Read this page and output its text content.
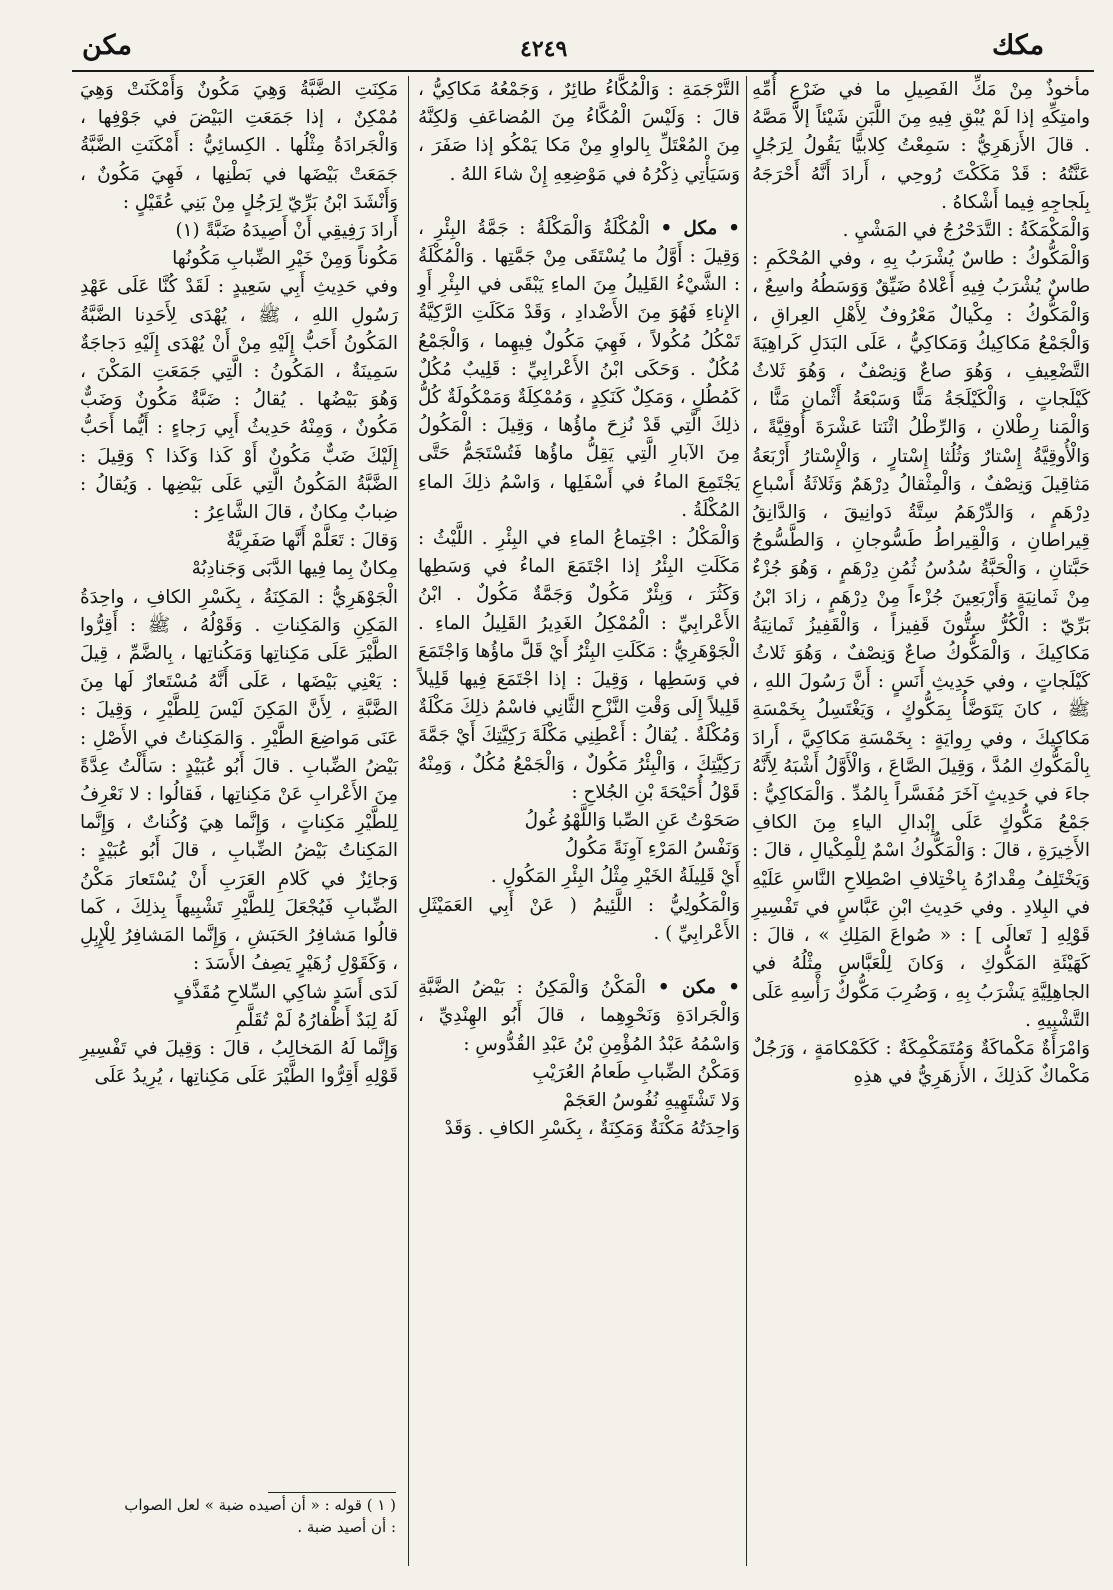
مكك
٤٢٤٩
مكن

مأخوذٌ مِنْ مَكِّ الفَصِيلِ ما في ضَرْعِ أُمِّهِ وامتِكِّهِ إذا لَمْ يُبْقِ فِيهِ مِنَ اللَّبَنِ شَيْئاً إلاَّ مَصَّهُ . قالَ الأَزهَرِيُّ : سَمِعْتُ كِلابيًّا يَقُولُ لِرَجُلٍ عَنَّتُهُ : قَدْ مَكَكْتَ رُوحِي ، أَرادَ أَنَّهُ أَحْرَجَهُ بِلَجاجِهِ فِيما أَشْكاهُ .

وَالْمَكْمَكَةُ : التَّدَحْرُجُ في المَشْيِ .

وَالْمَكُّوكُ : طاسٌ يُشْرَبُ بِهِ ، وفي المُحْكَمِ : طاسٌ يُشْرَبُ فِيهِ أَعْلاهُ ضَيِّقٌ وَوَسَطُهُ واسِعٌ ، وَالْمَكُّوكُ : مِكْيالٌ مَعْرُوفٌ لِأَهْلِ العِراقِ ، وَالْجَمْعُ مَكاكِيكُ وَمَكاكِيُّ ، عَلَى البَدَلِ كَراهِيَةَ التَّضْعِيفِ ، وَهُوَ صاعٌ وَنِصْفٌ ، وَهُوَ ثَلاثُ كَيْلَجاتٍ ، وَالْكَيْلَجَةُ مَنًّا وَسَبْعَةُ أَثْمانِ مَنًّا ، وَالْمَنا رِطْلانِ ، وَالرِّطْلُ اثْنَتا عَشْرَةَ أُوقِيَّةً ، وَالْأُوقِيَّةُ إِسْتارٌ وَثُلُثا إِسْتارٍ ، وَالْإِسْتارُ أَرْبَعَةُ مَثاقِيلَ وَنِصْفٌ ، وَالْمِثْقالُ دِرْهَمٌ وَثَلاثَةُ أَسْباعِ دِرْهَمٍ ، وَالدِّرْهَمُ سِتَّةُ دَوانِيقَ ، وَالدَّانِقُ قِيراطانِ ، وَالْقِيراطُ طَسُّوجانِ ، وَالطَّسُّوجُ حَبَّتانِ ، وَالْحَبَّةُ سُدُسُ ثُمُنِ دِرْهَمٍ ، وَهُوَ جُزْءٌ مِنْ ثَمانِيَةٍ وَأَرْبَعِينَ جُزْءاً مِنْ دِرْهَمٍ ، زادَ ابْنُ بَرِّيّ : الْكُرُّ سِتُّونَ قَفِيزاً ، وَالْقَفِيزُ ثَمانِيَةُ مَكاكِيكَ ، وَالْمَكُّوكُ صاعٌ وَنِصْفٌ ، وَهُوَ ثَلاثُ كَيْلَجاتٍ ، وفي حَدِيثِ أَنَسٍ : أَنَّ رَسُولَ اللهِ ، ﷺ ، كانَ يَتَوَضَّأُ بِمَكُّوكٍ ، وَيَغْتَسِلُ بِخَمْسَةِ مَكاكِيكَ ، وفي رِوايَةٍ : بِخَمْسَةِ مَكاكِيَّ ، أَرادَ بِالْمَكُّوكِ المُدَّ ، وَقِيلَ الصَّاعَ ، وَالْأَوَّلُ أَشْبَهُ لِأَنَّهُ جاءَ في حَدِيثٍ آخَرَ مُفَسَّراً بِالمُدِّ . وَالْمَكاكِيُّ : جَمْعُ مَكُّوكٍ عَلَى إِبْدالِ الياءِ مِنَ الكافِ الأَخِيرَةِ ، قالَ : وَالْمَكُّوكُ اسْمٌ لِلْمِكْيالِ ، قالَ : وَيَخْتَلِفُ مِقْدارُهُ بِاخْتِلافِ اصْطِلاحِ النَّاسِ عَلَيْهِ في البِلادِ . وفي حَدِيثِ ابْنِ عَبَّاسٍ في تَفْسِيرِ قَوْلِهِ [ تَعالَى ] : « صُواعَ المَلِكِ » ، قالَ : كَهَيْئَةِ المَكُّوكِ ، وَكانَ لِلْعَبَّاسِ مِثْلُهُ في الجاهِلِيَّةِ يَشْرَبُ بِهِ ، وَضُرِبَ مَكُّوكٌ رَأْسِهِ عَلَى التَّشْبِيهِ .

وَامْرَأَةٌ مَكْماكَةٌ وَمُتَمَكْمِكَةٌ : كَكَمْكامَةٍ ، وَرَجُلٌ مَكْماكٌ كَذلِكَ ، الأَزهَرِيُّ في هذِهِ

التَّرْجَمَةِ : وَالْمُكَّاءُ طائِرٌ ، وَجَمْعُهُ مَكاكِيُّ ، قالَ : وَلَيْسَ الْمُكَّاءُ مِنَ المُضاعَفِ وَلكِنَّهُ مِنَ المُعْتَلِّ بِالواوِ مِنْ مَكا يَمْكُو إذا صَفَرَ ، وَسَيَأْتِي ذِكْرُهُ في مَوْضِعِهِ إِنْ شاءَ اللهُ .

• مكل • الْمُكْلَةُ وَالْمَكْلَةُ : جَمَّةُ البِئْرِ ، وَقِيلَ : أَوَّلُ ما يُسْتَقَى مِنْ جَمَّتِها . وَالْمُكْلَةُ : الشَّيْءُ القَلِيلُ مِنَ الماءِ يَبْقَى في البِئْرِ أَوِ الإِناءِ فَهُوَ مِنَ الأَضْدادِ ، وَقَدْ مَكَلَتِ الرَّكِيَّةُ تَمْكُلُ مُكُولاً ، فَهِيَ مَكُولٌ فِيهِما ، وَالْجَمْعُ مُكُلٌ . وَحَكَى ابْنُ الأَعْرابِيِّ : قَلِيبٌ مُكُلٌ كَمُطُلٍ ، وَمَكِلٌ كَنَكِدٍ ، وَمُمْكِلَةٌ وَمَمْكُولَةٌ كُلُّ ذلِكَ الَّتِي قَدْ نُزِحَ ماؤُها ، وَقِيلَ : الْمَكُولُ مِنَ الآبارِ الَّتِي يَقِلُّ ماؤُها فَتُسْتَجَمُّ حَتَّى يَجْتَمِعَ الماءُ في أَسْفَلِها ، وَاسْمُ ذلِكَ الماءِ المُكْلَةُ .

وَالْمَكْلُ : اجْتِماعُ الماءِ في البِئْرِ . اللَّيْثُ : مَكَلَتِ البِئْرُ إذا اجْتَمَعَ الماءُ في وَسَطِها وَكَثُرَ ، وَبِئْرٌ مَكُولٌ وَجَمَّةٌ مَكُولٌ . ابْنُ الأَعْرابِيِّ : الْمُمْكِلُ الغَدِيرُ القَلِيلُ الماءِ . الْجَوْهَرِيُّ : مَكَلَتِ البِئْرُ أَيْ قَلَّ ماؤُها وَاجْتَمَعَ في وَسَطِها ، وَقِيلَ : إذا اجْتَمَعَ فِيها قَلِيلاً قَلِيلاً إِلَى وَقْتِ النَّزْحِ الثَّانِي فاسْمُ ذلِكَ مَكْلَةٌ وَمُكْلَةٌ . يُقالُ : أَعْطِنِي مَكْلَةَ رَكِيَّتِكَ أَيْ جَمَّةَ رَكِيَّتِكَ ، وَالْبِئْرُ مَكُولٌ ، وَالْجَمْعُ مُكُلٌ ، وَمِنْهُ قَوْلُ أُحَيْحَةَ بْنِ الجُلاحِ :

صَحَوْتُ عَنِ الصِّبا وَاللَّهْوُ غُولُ

وَنَفْسُ المَرْءِ آوِنَةً مَكُولُ

أَيْ قَلِيلَةُ الخَيْرِ مِثْلُ البِئْرِ المَكُولِ .

وَالْمَكُولِيُّ : اللَّئِيمُ ( عَنْ أَبِي العَمَيْثَلِ الأَعْرابِيِّ ) .

• مكن • الْمَكْنُ وَالْمَكِنُ : بَيْضُ الضَّبَّةِ وَالْجَرادَةِ وَنَحْوِهِما ، قالَ أَبُو الهِنْدِيِّ ، وَاسْمُهُ عَبْدُ المُؤْمِنِ بْنُ عَبْدِ القُدُّوسِ :

وَمَكْنُ الضِّبابِ طَعامُ العُرَيْبِ

وَلا تَشْتَهِيهِ نُفُوسُ العَجَمْ

وَاحِدَتُهُ مَكْنَةٌ وَمَكِنَةٌ ، بِكَسْرِ الكافِ . وَقَدْ

مَكِنَتِ الضَّبَّةُ وَهِيَ مَكُونٌ وَأَمْكَنَتْ وَهِيَ مُمْكِنٌ ، إذا جَمَعَتِ البَيْضَ في جَوْفِها ، وَالْجَرادَةُ مِثْلُها . الكِسائِيُّ : أَمْكَنَتِ الضَّبَّةُ جَمَعَتْ بَيْضَها في بَطْنِها ، فَهِيَ مَكُونٌ ، وَأَنْشَدَ ابْنُ بَرِّيّ لِرَجُلٍ مِنْ بَنِي عُقَيْلٍ :

أَرادَ رَفِيقِي أَنْ أَصِيدَهُ ضَبَّةً (١)

مَكُوناً وَمِنْ خَيْرِ الضِّبابِ مَكُونُها

وفي حَدِيثِ أَبِي سَعِيدٍ : لَقَدْ كُنَّا عَلَى عَهْدِ رَسُولِ اللهِ ، ﷺ ، يُهْدَى لِأَحَدِنا الضَّبَّةُ المَكُونُ أَحَبُّ إِلَيْهِ مِنْ أَنْ يُهْدَى إِلَيْهِ دَجاجَةٌ سَمِينَةٌ ، المَكُونُ : الَّتِي جَمَعَتِ المَكْنَ ، وَهُوَ بَيْضُها . يُقالُ : ضَبَّةٌ مَكُونٌ وَضَبٌّ مَكُونٌ ، وَمِنْهُ حَدِيثُ أَبِي رَجاءٍ : أَيُّما أَحَبُّ إِلَيْكَ ضَبٌّ مَكُونٌ أَوْ كَذا وَكَذا ؟ وَقِيلَ : الضَّبَّةُ المَكُونُ الَّتِي عَلَى بَيْضِها . وَيُقالُ : ضِبابٌ مِكانٌ ، قالَ الشَّاعِرُ :

وَقالَ : تَعَلَّمْ أَنَّها صَفَرِيَّةٌ

مِكانٌ بِما فِيها الدَّبَى وَجَنادِبُهْ

الْجَوْهَرِيُّ : المَكِنَةُ ، بِكَسْرِ الكافِ ، واحِدَةُ المَكِنِ وَالمَكِناتِ . وَقَوْلُهُ ، ﷺ : أَقِرُّوا الطَّيْرَ عَلَى مَكِناتِها وَمَكُناتِها ، بِالضَّمِّ ، قِيلَ : يَعْنِي بَيْضَها ، عَلَى أَنَّهُ مُسْتَعارٌ لَها مِنَ الضَّبَّةِ ، لِأَنَّ المَكِنَ لَيْسَ لِلطَّيْرِ ، وَقِيلَ : عَنَى مَواضِعَ الطَّيْرِ . وَالمَكِناتُ في الأَصْلِ : بَيْضُ الضِّبابِ . قالَ أَبُو عُبَيْدٍ : سَأَلْتُ عِدَّةً مِنَ الأَعْرابِ عَنْ مَكِناتِها ، فَقالُوا : لا نَعْرِفُ لِلطَّيْرِ مَكِناتٍ ، وَإِنَّما هِيَ وُكُناتٌ ، وَإِنَّما المَكِناتُ بَيْضُ الضِّبابِ ، قالَ أَبُو عُبَيْدٍ : وَجائِزٌ في كَلامِ العَرَبِ أَنْ يُسْتَعارَ مَكْنُ الضِّبابِ فَيُجْعَلَ لِلطَّيْرِ تَشْبِيهاً بِذلِكَ ، كَما قالُوا مَشافِرُ الحَبَشِ ، وَإِنَّما المَشافِرُ لِلْإِبِلِ ، وَكَقَوْلِ زُهَيْرٍ يَصِفُ الأَسَدَ :

لَدَى أَسَدٍ شاكِي السِّلاحِ مُقَذَّفٍ

لَهُ لِبَدٌ أَظْفارُهُ لَمْ تُقَلَّمِ

وَإِنَّما لَهُ المَخالِبُ ، قالَ : وَقِيلَ في تَفْسِيرِ قَوْلِهِ أَقِرُّوا الطَّيْرَ عَلَى مَكِناتِها ، يُرِيدُ عَلَى

( ١ ) قوله : « أن أصيده ضبة » لعل الصواب
: أن أصيد ضبة .
